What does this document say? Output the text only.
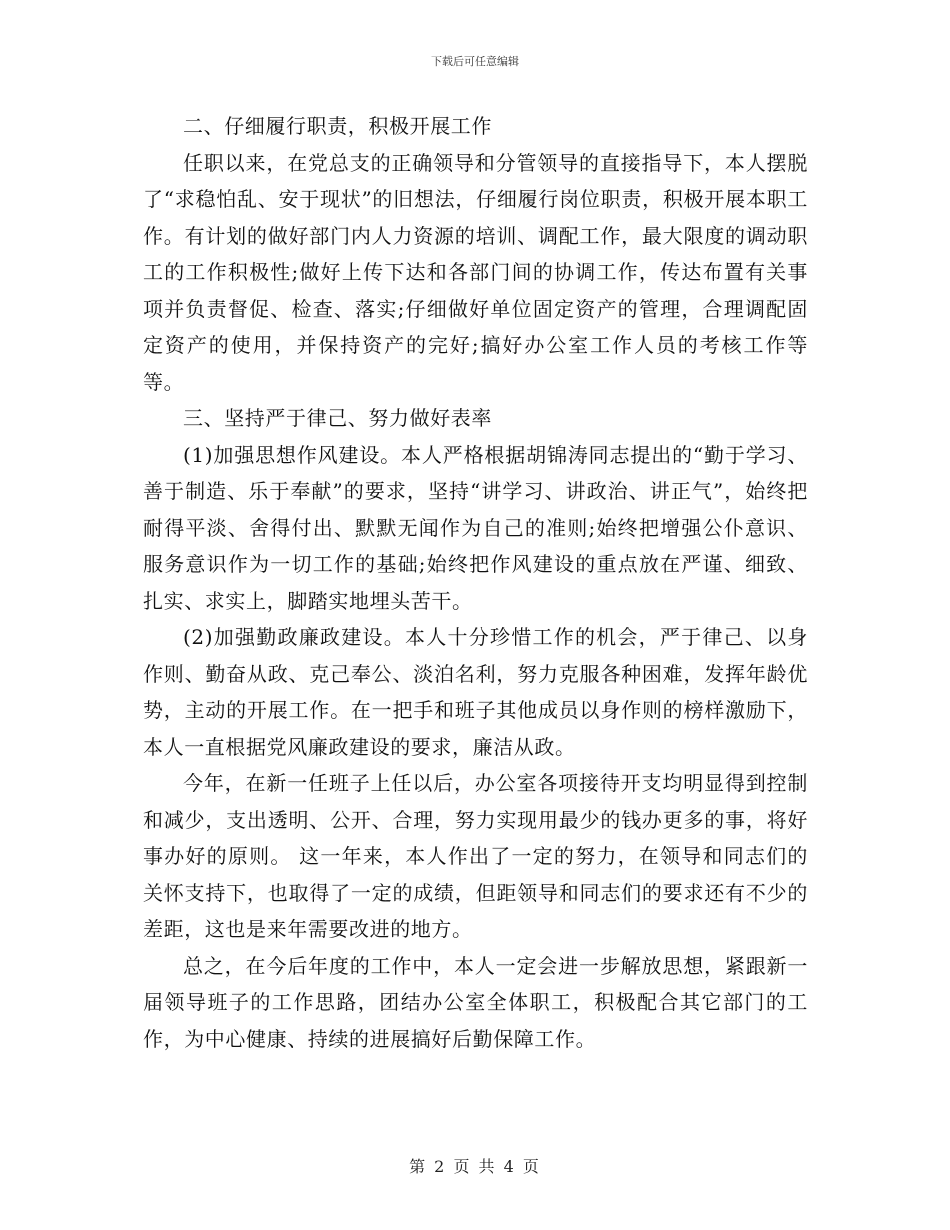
下载后可任意编辑

二、仔细履行职责，积极开展工作

任职以来，在党总支的正确领导和分管领导的直接指导下，本人摆脱了“求稳怕乱、安于现状”的旧想法，仔细履行岗位职责，积极开展本职工作。有计划的做好部门内人力资源的培训、调配工作，最大限度的调动职工的工作积极性;做好上传下达和各部门间的协调工作，传达布置有关事项并负责督促、检查、落实;仔细做好单位固定资产的管理，合理调配固定资产的使用，并保持资产的完好;搞好办公室工作人员的考核工作等等。

三、坚持严于律己、努力做好表率

(1)加强思想作风建设。本人严格根据胡锦涛同志提出的“勤于学习、善于制造、乐于奉献”的要求，坚持“讲学习、讲政治、讲正气”，始终把耐得平淡、舍得付出、默默无闻作为自己的准则;始终把增强公仆意识、服务意识作为一切工作的基础;始终把作风建设的重点放在严谨、细致、扎实、求实上，脚踏实地埋头苦干。

(2)加强勤政廉政建设。本人十分珍惜工作的机会，严于律己、以身作则、勤奋从政、克己奉公、淡泊名利，努力克服各种困难，发挥年龄优势，主动的开展工作。在一把手和班子其他成员以身作则的榜样激励下，本人一直根据党风廉政建设的要求，廉洁从政。

今年，在新一任班子上任以后，办公室各项接待开支均明显得到控制和减少，支出透明、公开、合理，努力实现用最少的钱办更多的事，将好事办好的原则。 这一年来，本人作出了一定的努力，在领导和同志们的关怀支持下，也取得了一定的成绩，但距领导和同志们的要求还有不少的差距，这也是来年需要改进的地方。

总之，在今后年度的工作中，本人一定会进一步解放思想，紧跟新一届领导班子的工作思路，团结办公室全体职工，积极配合其它部门的工作，为中心健康、持续的进展搞好后勤保障工作。

第 2 页 共 4 页
